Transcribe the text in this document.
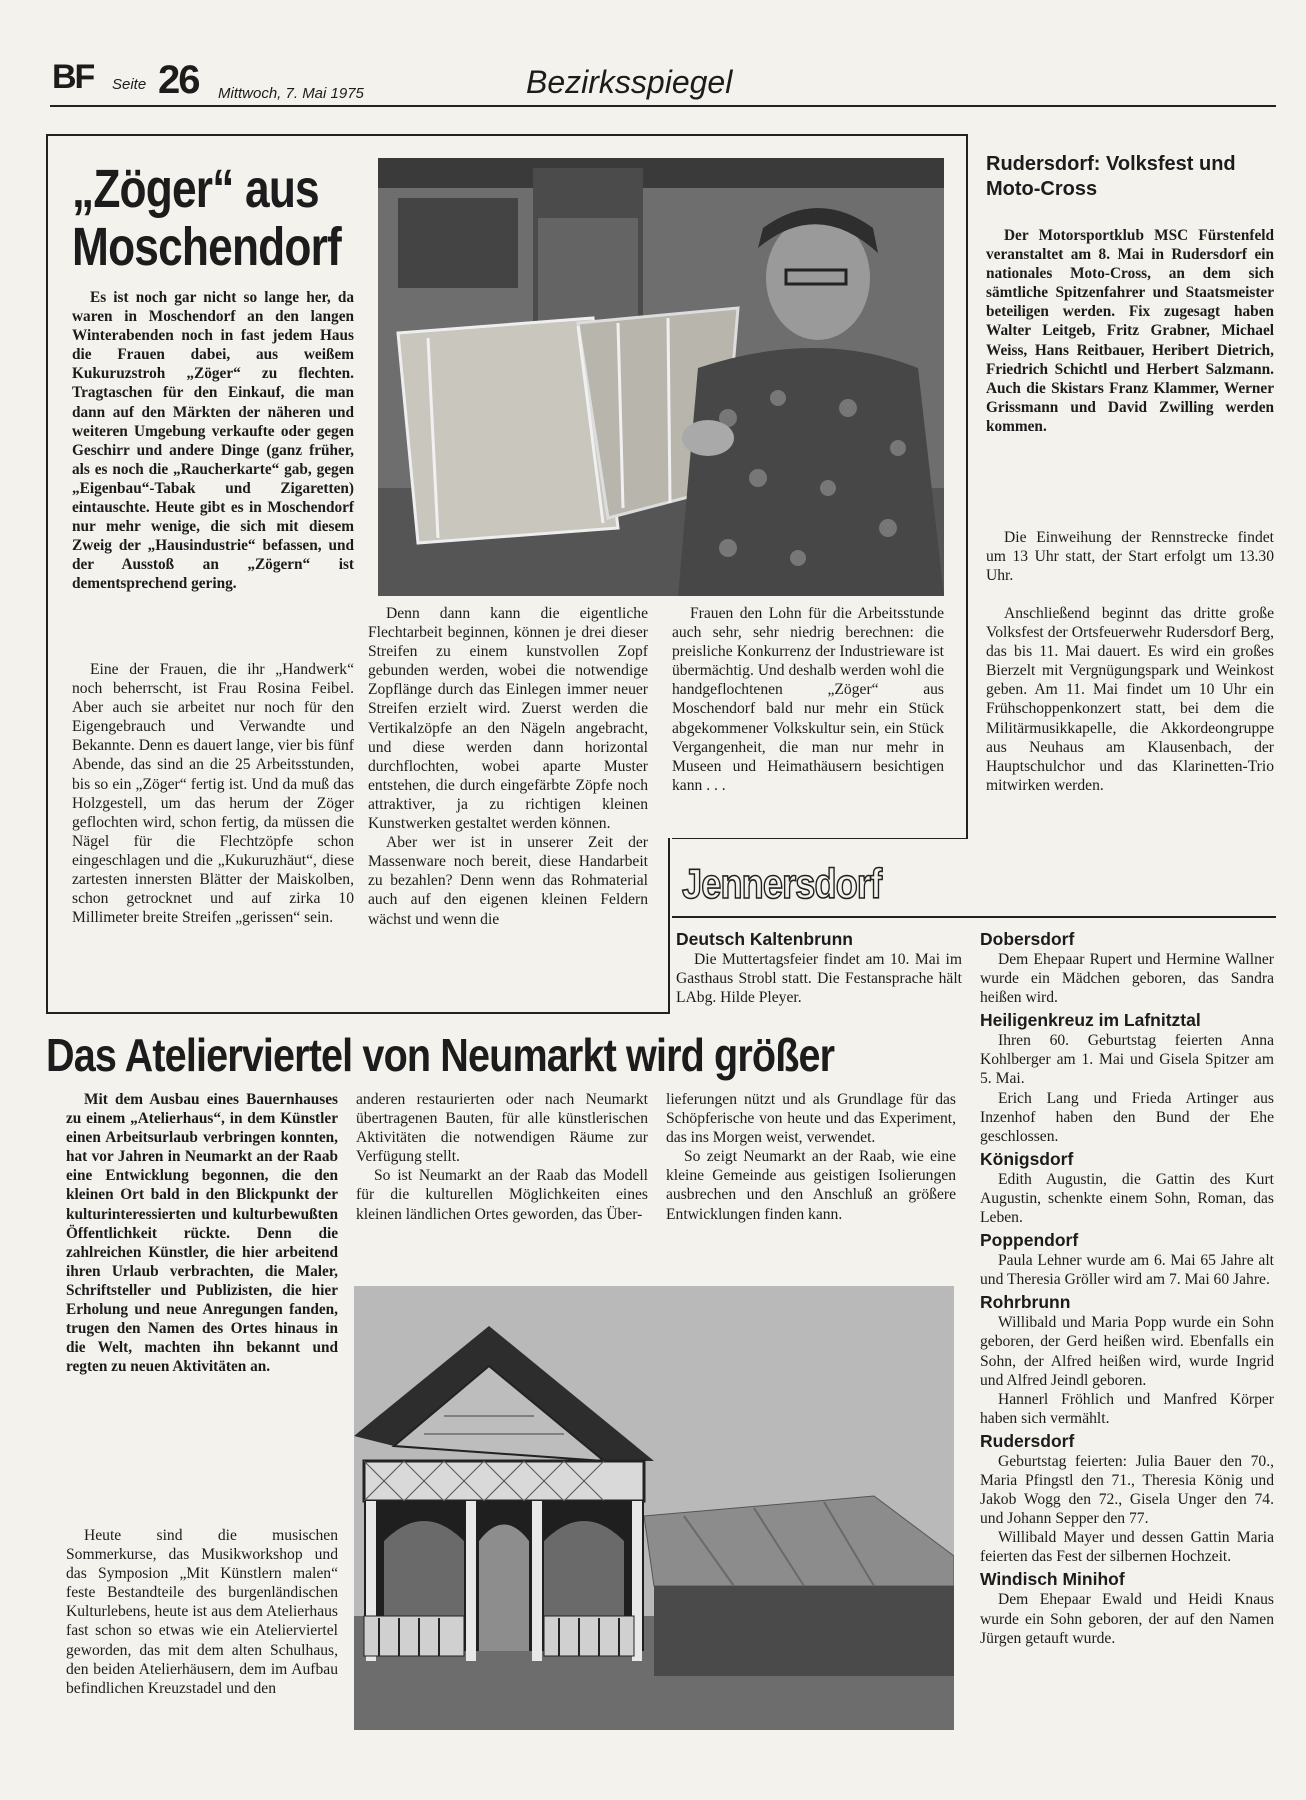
BF Seite 26 Mittwoch, 7. Mai 1975	Bezirksspiegel
„Zöger“ aus Moschendorf

Es ist noch gar nicht so lange her, da waren in Moschendorf an den langen Winterabenden noch in fast jedem Haus die Frauen dabei, aus weißem Kukuruzstroh „Zöger“ zu flechten. Tragtaschen für den Einkauf, die man dann auf den Märkten der näheren und weiteren Umgebung verkaufte oder gegen Geschirr und andere Dinge (ganz früher, als es noch die „Raucherkarte“ gab, gegen „Eigenbau“-Tabak und Zigaretten) eintauschte. Heute gibt es in Moschendorf nur mehr wenige, die sich mit diesem Zweig der „Hausindustrie“ befassen, und der Ausstoß an „Zögern“ ist dementsprechend gering.

Eine der Frauen, die ihr „Handwerk“ noch beherrscht, ist Frau Rosina Feibel. Aber auch sie arbeitet nur noch für den Eigengebrauch und Verwandte und Bekannte. Denn es dauert lange, vier bis fünf Abende, das sind an die 25 Arbeitsstunden, bis so ein „Zöger“ fertig ist. Und da muß das Holzgestell, um das herum der Zöger geflochten wird, schon fertig, da müssen die Nägel für die Flechtzöpfe schon eingeschlagen und die „Kukuruzhäut“, diese zartesten innersten Blätter der Maiskolben, schon getrocknet und auf zirka 10 Millimeter breite Streifen „gerissen“ sein.

Denn dann kann die eigentliche Flechtarbeit beginnen, können je drei dieser Streifen zu einem kunstvollen Zopf gebunden werden, wobei die notwendige Zopflänge durch das Einlegen immer neuer Streifen erzielt wird. Zuerst werden die Vertikalzöpfe an den Nägeln angebracht, und diese werden dann horizontal durchflochten, wobei aparte Muster entstehen, die durch eingefärbte Zöpfe noch attraktiver, ja zu richtigen kleinen Kunstwerken gestaltet werden können.

Aber wer ist in unserer Zeit der Massenware noch bereit, diese Handarbeit zu bezahlen? Denn wenn das Rohmaterial auch auf den eigenen kleinen Feldern wächst und wenn die

Frauen den Lohn für die Arbeitsstunde auch sehr, sehr niedrig berechnen: die preisliche Konkurrenz der Industrieware ist übermächtig. Und deshalb werden wohl die handgeflochtenen „Zöger“ aus Moschendorf bald nur mehr ein Stück abgekommener Volkskultur sein, ein Stück Vergangenheit, die man nur mehr in Museen und Heimathäusern besichtigen kann . . .

Rudersdorf: Volksfest und Moto-Cross

Der Motorsportklub MSC Fürstenfeld veranstaltet am 8. Mai in Rudersdorf ein nationales Moto-Cross, an dem sich sämtliche Spitzenfahrer und Staatsmeister beteiligen werden. Fix zugesagt haben Walter Leitgeb, Fritz Grabner, Michael Weiss, Hans Reitbauer, Heribert Dietrich, Friedrich Schichtl und Herbert Salzmann. Auch die Skistars Franz Klammer, Werner Grissmann und David Zwilling werden kommen.

Die Einweihung der Rennstrecke findet um 13 Uhr statt, der Start erfolgt um 13.30 Uhr.

Anschließend beginnt das dritte große Volksfest der Ortsfeuerwehr Rudersdorf Berg, das bis 11. Mai dauert. Es wird ein großes Bierzelt mit Vergnügungspark und Weinkost geben. Am 11. Mai findet um 10 Uhr ein Frühschoppenkonzert statt, bei dem die Militärmusikkapelle, die Akkordeongruppe aus Neuhaus am Klausenbach, der Hauptschulchor und das Klarinetten-Trio mitwirken werden.

Jennersdorf
Deutsch Kaltenbrunn

Die Muttertagsfeier findet am 10. Mai im Gasthaus Strobl statt. Die Festansprache hält LAbg. Hilde Pleyer.

Dobersdorf

Dem Ehepaar Rupert und Hermine Wallner wurde ein Mädchen geboren, das Sandra heißen wird.

Heiligenkreuz im Lafnitztal

Ihren 60. Geburtstag feierten Anna Kohlberger am 1. Mai und Gisela Spitzer am 5. Mai.

Erich Lang und Frieda Artinger aus Inzenhof haben den Bund der Ehe geschlossen.

Königsdorf

Edith Augustin, die Gattin des Kurt Augustin, schenkte einem Sohn, Roman, das Leben.

Poppendorf

Paula Lehner wurde am 6. Mai 65 Jahre alt und Theresia Gröller wird am 7. Mai 60 Jahre.

Rohrbrunn

Willibald und Maria Popp wurde ein Sohn geboren, der Gerd heißen wird. Ebenfalls ein Sohn, der Alfred heißen wird, wurde Ingrid und Alfred Jeindl geboren.

Hannerl Fröhlich und Manfred Körper haben sich vermählt.

Rudersdorf

Geburtstag feierten: Julia Bauer den 70., Maria Pfingstl den 71., Theresia König und Jakob Wogg den 72., Gisela Unger den 74. und Johann Sepper den 77.

Willibald Mayer und dessen Gattin Maria feierten das Fest der silbernen Hochzeit.

Windisch Minihof

Dem Ehepaar Ewald und Heidi Knaus wurde ein Sohn geboren, der auf den Namen Jürgen getauft wurde.

Das Atelierviertel von Neumarkt wird größer

Mit dem Ausbau eines Bauernhauses zu einem „Atelierhaus“, in dem Künstler einen Arbeitsurlaub verbringen konnten, hat vor Jahren in Neumarkt an der Raab eine Entwicklung begonnen, die den kleinen Ort bald in den Blickpunkt der kulturinteressierten und kulturbewußten Öffentlichkeit rückte. Denn die zahlreichen Künstler, die hier arbeitend ihren Urlaub verbrachten, die Maler, Schriftsteller und Publizisten, die hier Erholung und neue Anregungen fanden, trugen den Namen des Ortes hinaus in die Welt, machten ihn bekannt und regten zu neuen Aktivitäten an.

Heute sind die musischen Sommerkurse, das Musikworkshop und das Symposion „Mit Künstlern malen“ feste Bestandteile des burgenländischen Kulturlebens, heute ist aus dem Atelierhaus fast schon so etwas wie ein Atelierviertel geworden, das mit dem alten Schulhaus, den beiden Atelierhäusern, dem im Aufbau befindlichen Kreuzstadel und den

anderen restaurierten oder nach Neumarkt übertragenen Bauten, für alle künstlerischen Aktivitäten die notwendigen Räume zur Verfügung stellt.

So ist Neumarkt an der Raab das Modell für die kulturellen Möglichkeiten eines kleinen ländlichen Ortes geworden, das Über-

lieferungen nützt und als Grundlage für das Schöpferische von heute und das Experiment, das ins Morgen weist, verwendet.

So zeigt Neumarkt an der Raab, wie eine kleine Gemeinde aus geistigen Isolierungen ausbrechen und den Anschluß an größere Entwicklungen finden kann.
